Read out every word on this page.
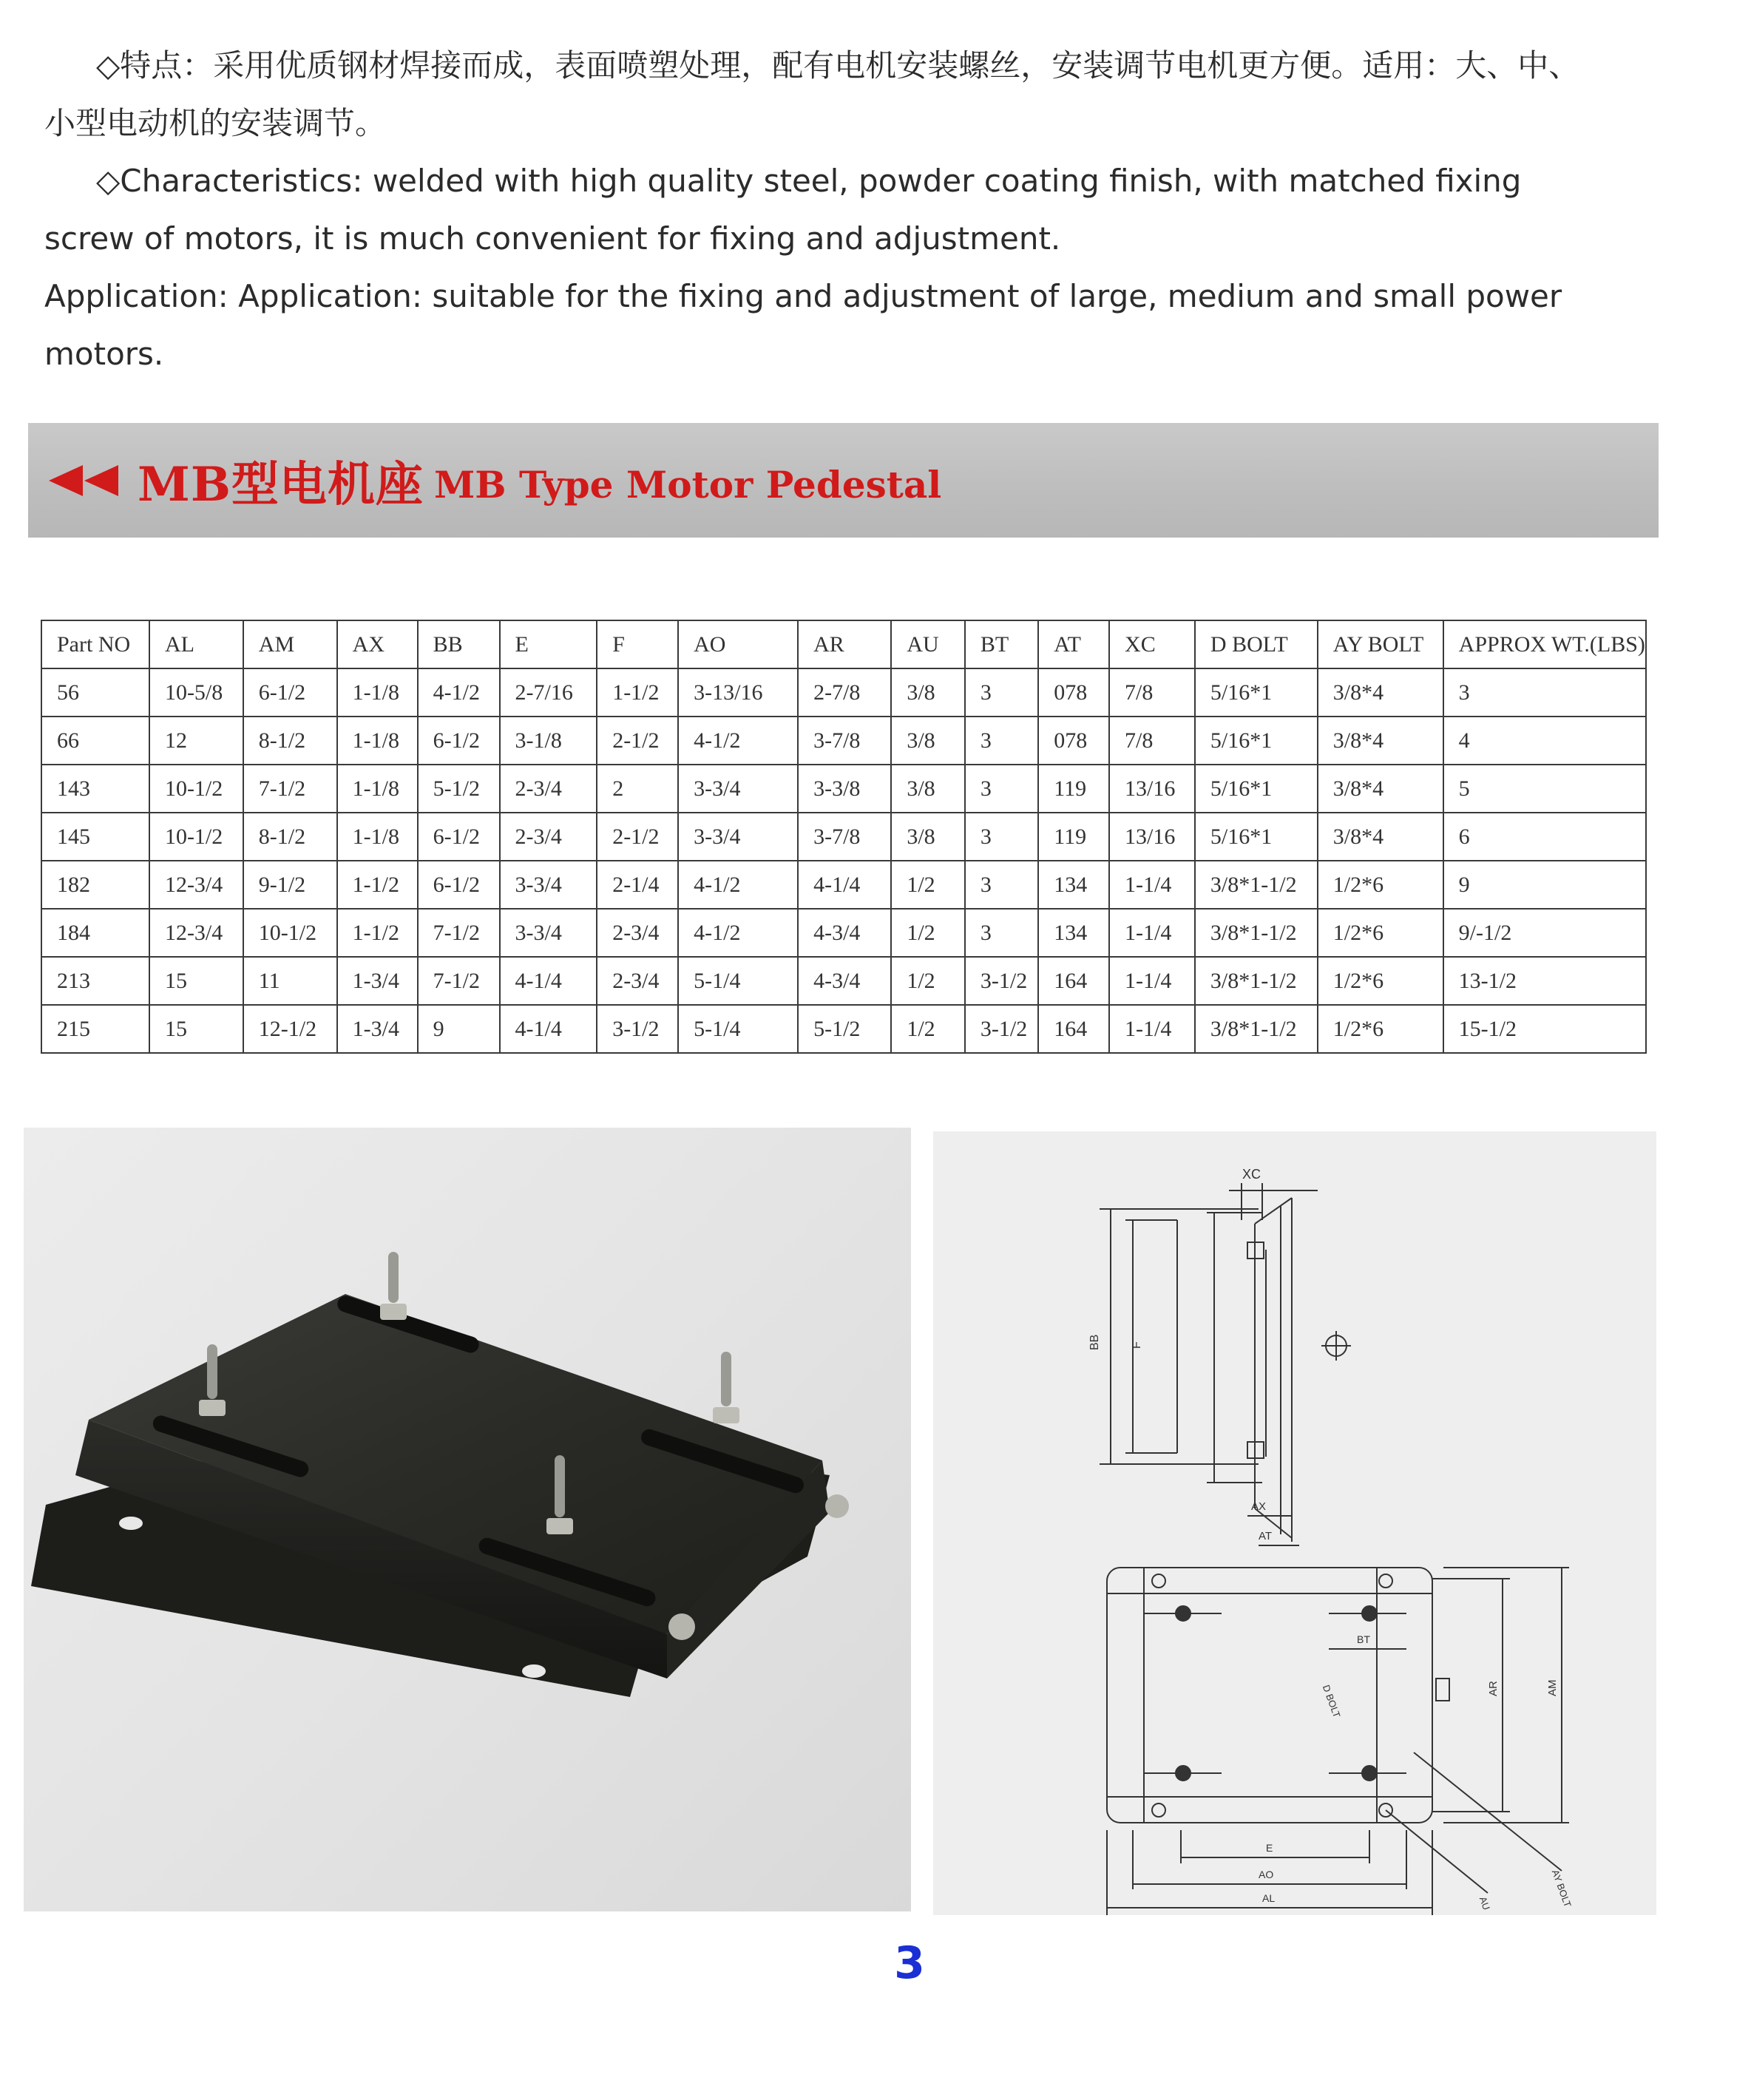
◇特点：采用优质钢材焊接而成，表面喷塑处理，配有电机安装螺丝，安装调节电机更方便。适用：大、中、小型电动机的安装调节。

◇Characteristics: welded with high quality steel, powder coating finish, with matched fixing screw of motors, it is much convenient for fixing and adjustment.

Application: Application: suitable for the fixing and adjustment of large, medium and small power motors.

MB型电机座 MB Type Motor Pedestal
Part NO	AL	AM	AX	BB	E	F	AO	AR	AU	BT	AT	XC	D BOLT	AY BOLT	APPROX WT.(LBS)
56	10-5/8	6-1/2	1-1/8	4-1/2	2-7/16	1-1/2	3-13/16	2-7/8	3/8	3	078	7/8	5/16*1	3/8*4	3
66	12	8-1/2	1-1/8	6-1/2	3-1/8	2-1/2	4-1/2	3-7/8	3/8	3	078	7/8	5/16*1	3/8*4	4
143	10-1/2	7-1/2	1-1/8	5-1/2	2-3/4	2	3-3/4	3-3/8	3/8	3	119	13/16	5/16*1	3/8*4	5
145	10-1/2	8-1/2	1-1/8	6-1/2	2-3/4	2-1/2	3-3/4	3-7/8	3/8	3	119	13/16	5/16*1	3/8*4	6
182	12-3/4	9-1/2	1-1/2	6-1/2	3-3/4	2-1/4	4-1/2	4-1/4	1/2	3	134	1-1/4	3/8*1-1/2	1/2*6	9
184	12-3/4	10-1/2	1-1/2	7-1/2	3-3/4	2-3/4	4-1/2	4-3/4	1/2	3	134	1-1/4	3/8*1-1/2	1/2*6	9/-1/2
213	15	11	1-3/4	7-1/2	4-1/4	2-3/4	5-1/4	4-3/4	1/2	3-1/2	164	1-1/4	3/8*1-1/2	1/2*6	13-1/2
215	15	12-1/2	1-3/4	9	4-1/4	3-1/2	5-1/4	5-1/2	1/2	3-1/2	164	1-1/4	3/8*1-1/2	1/2*6	15-1/2
XC
BB	F
AX
AT
BT
D BOLT	AR	AM
E
AO
AL	AY BOLT
AU
3
